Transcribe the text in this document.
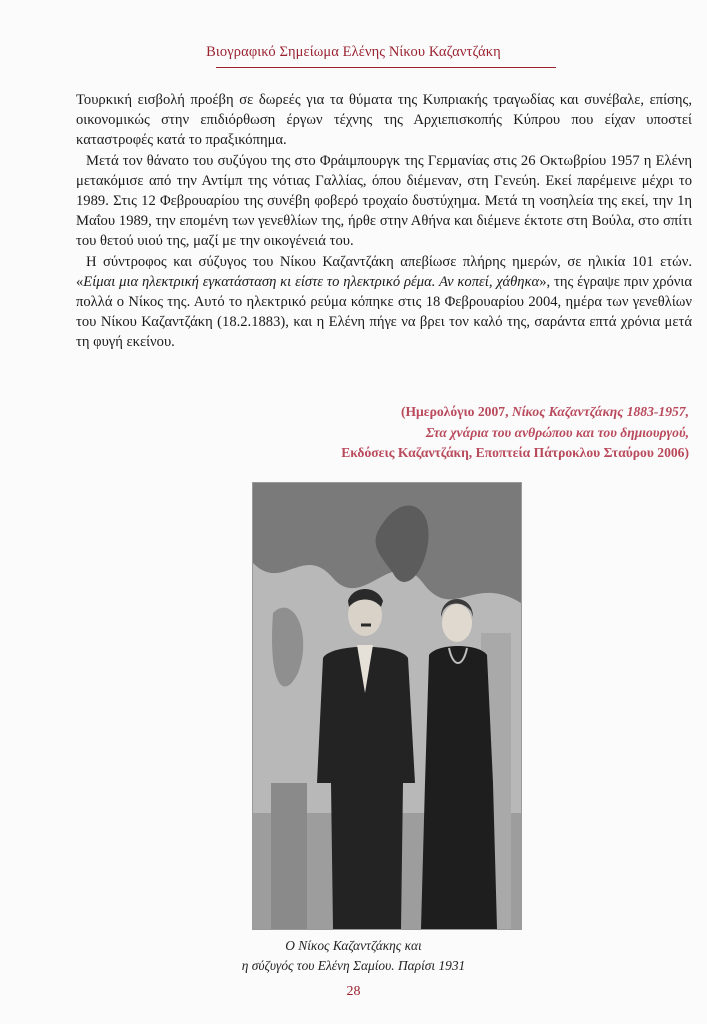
Βιογραφικό Σημείωμα Ελένης Νίκου Καζαντζάκη

Τουρκική εισβολή προέβη σε δωρεές για τα θύματα της Κυπριακής τραγωδίας και συνέβαλε, επίσης, οικονομικώς στην επιδιόρθωση έργων τέχνης της Αρχιεπισκοπής Κύπρου που είχαν υποστεί καταστροφές κατά το πραξικόπημα.

Μετά τον θάνατο του συζύγου της στο Φράιμπουργκ της Γερμανίας στις 26 Οκτωβρίου 1957 η Ελένη μετακόμισε από την Αντίμπ της νότιας Γαλλίας, όπου διέμεναν, στη Γενεύη. Εκεί παρέμεινε μέχρι το 1989. Στις 12 Φεβρουαρίου της συνέβη φοβερό τροχαίο δυστύχημα. Μετά τη νοσηλεία της εκεί, την 1η Μαΐου 1989, την επομένη των γενεθλίων της, ήρθε στην Αθήνα και διέμενε έκτοτε στη Βούλα, στο σπίτι του θετού υιού της, μαζί με την οικογένειά του.

Η σύντροφος και σύζυγος του Νίκου Καζαντζάκη απεβίωσε πλήρης ημερών, σε ηλικία 101 ετών. «Είμαι μια ηλεκτρική εγκατάσταση κι είστε το ηλεκτρικό ρέμα. Αν κοπεί, χάθηκα», της έγραψε πριν χρόνια πολλά ο Νίκος της. Αυτό το ηλεκτρικό ρεύμα κόπηκε στις 18 Φεβρουαρίου 2004, ημέρα των γενεθλίων του Νίκου Καζαντζάκη (18.2.1883), και η Ελένη πήγε να βρει τον καλό της, σαράντα επτά χρόνια μετά τη φυγή εκείνου.

(Ημερολόγιο 2007, Νίκος Καζαντζάκης 1883-1957,
Στα χνάρια του ανθρώπου και του δημιουργού,
Εκδόσεις Καζαντζάκη, Εποπτεία Πάτροκλου Σταύρου 2006)
Ο Νίκος Καζαντζάκης και
η σύζυγός του Ελένη Σαμίου. Παρίσι 1931
28
